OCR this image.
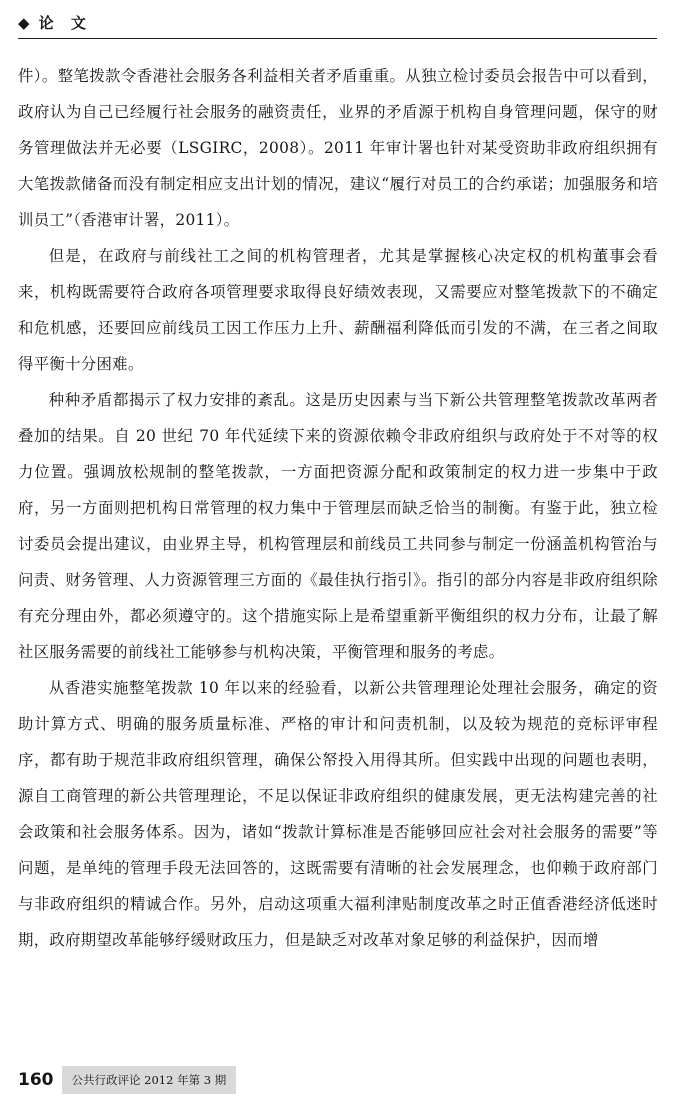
◆ 论 文

件）。整笔拨款令香港社会服务各利益相关者矛盾重重。从独立检讨委员会报告中可以看到，政府认为自己已经履行社会服务的融资责任，业界的矛盾源于机构自身管理问题，保守的财务管理做法并无必要（LSGIRC，2008）。2011 年审计署也针对某受资助非政府组织拥有大笔拨款储备而没有制定相应支出计划的情况，建议“履行对员工的合约承诺；加强服务和培训员工”（香港审计署，2011）。

但是，在政府与前线社工之间的机构管理者，尤其是掌握核心决定权的机构董事会看来，机构既需要符合政府各项管理要求取得良好绩效表现，又需要应对整笔拨款下的不确定和危机感，还要回应前线员工因工作压力上升、薪酬福利降低而引发的不满，在三者之间取得平衡十分困难。

种种矛盾都揭示了权力安排的紊乱。这是历史因素与当下新公共管理整笔拨款改革两者叠加的结果。自 20 世纪 70 年代延续下来的资源依赖令非政府组织与政府处于不对等的权力位置。强调放松规制的整笔拨款，一方面把资源分配和政策制定的权力进一步集中于政府，另一方面则把机构日常管理的权力集中于管理层而缺乏恰当的制衡。有鉴于此，独立检讨委员会提出建议，由业界主导，机构管理层和前线员工共同参与制定一份涵盖机构管治与问责、财务管理、人力资源管理三方面的《最佳执行指引》。指引的部分内容是非政府组织除有充分理由外，都必须遵守的。这个措施实际上是希望重新平衡组织的权力分布，让最了解社区服务需要的前线社工能够参与机构决策，平衡管理和服务的考虑。

从香港实施整笔拨款 10 年以来的经验看，以新公共管理理论处理社会服务，确定的资助计算方式、明确的服务质量标准、严格的审计和问责机制，以及较为规范的竞标评审程序，都有助于规范非政府组织管理，确保公帑投入用得其所。但实践中出现的问题也表明，源自工商管理的新公共管理理论，不足以保证非政府组织的健康发展，更无法构建完善的社会政策和社会服务体系。因为，诸如“拨款计算标准是否能够回应社会对社会服务的需要”等问题，是单纯的管理手段无法回答的，这既需要有清晰的社会发展理念，也仰赖于政府部门与非政府组织的精诚合作。另外，启动这项重大福利津贴制度改革之时正值香港经济低迷时期，政府期望改革能够纾缓财政压力，但是缺乏对改革对象足够的利益保护，因而增

160	公共行政评论 2012 年第 3 期
